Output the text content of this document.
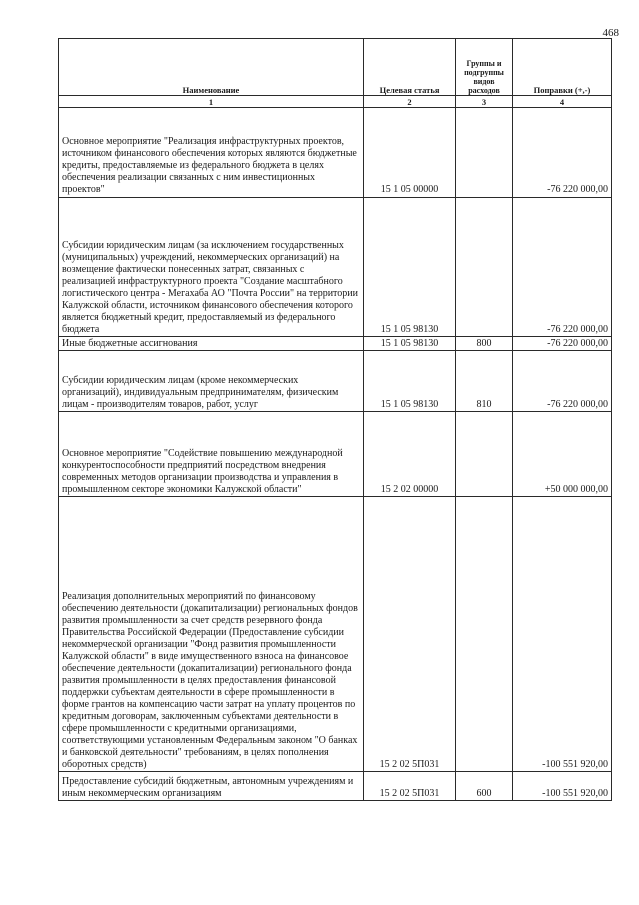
468
Наименование	Целевая статья	Группы и подгруппы видов расходов	Поправки (+,-)
1	2	3	4
Основное мероприятие "Реализация инфраструктурных проектов, источником финансового обеспечения которых являются бюджетные кредиты, предоставляемые из федерального бюджета в целях обеспечения реализации связанных с ним инвестиционных проектов"	15 1 05 00000		-76 220 000,00
Субсидии юридическим лицам (за исключением государственных (муниципальных) учреждений, некоммерческих организаций) на возмещение фактически понесенных затрат, связанных с реализацией инфраструктурного проекта "Создание масштабного логистического центра - Мегахаба АО "Почта России" на территории Калужской области, источником финансового обеспечения которого является бюджетный кредит, предоставляемый из федерального бюджета	15 1 05 98130		-76 220 000,00
Иные бюджетные ассигнования	15 1 05 98130	800	-76 220 000,00
Субсидии юридическим лицам (кроме некоммерческих организаций), индивидуальным предпринимателям, физическим лицам - производителям товаров, работ, услуг	15 1 05 98130	810	-76 220 000,00
Основное мероприятие "Содействие повышению международной конкурентоспособности предприятий посредством внедрения современных методов организации производства и управления в промышленном секторе экономики Калужской области"	15 2 02 00000		+50 000 000,00
Реализация дополнительных мероприятий по финансовому обеспечению деятельности (докапитализации) региональных фондов развития промышленности за счет средств резервного фонда Правительства Российской Федерации (Предоставление субсидии некоммерческой организации "Фонд развития промышленности Калужской области" в виде имущественного взноса на финансовое обеспечение деятельности (докапитализации) регионального фонда развития промышленности в целях предоставления финансовой поддержки субъектам деятельности в сфере промышленности в форме грантов на компенсацию части затрат на уплату процентов по кредитным договорам, заключенным субъектами деятельности в сфере промышленности с кредитными организациями, соответствующими установленным Федеральным законом "О банках и банковской деятельности" требованиям, в целях пополнения оборотных средств)	15 2 02 5П031		-100 551 920,00
Предоставление субсидий бюджетным, автономным учреждениям и иным некоммерческим организациям	15 2 02 5П031	600	-100 551 920,00
